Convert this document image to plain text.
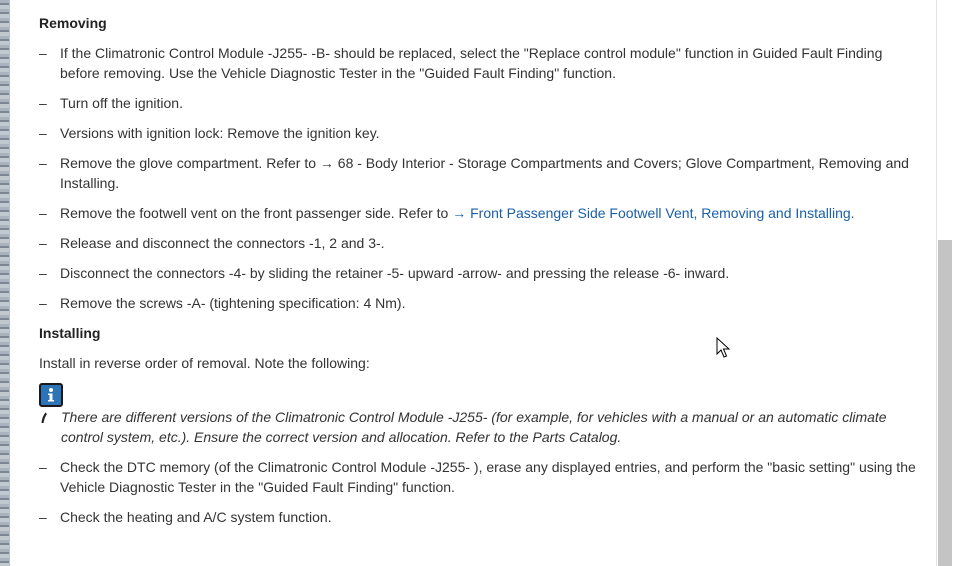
Removing
– If the Climatronic Control Module -J255- -B- should be replaced, select the "Replace control module" function in Guided Fault Finding
before removing. Use the Vehicle Diagnostic Tester in the "Guided Fault Finding" function.
– Turn off the ignition.
– Versions with ignition lock: Remove the ignition key.
– Remove the glove compartment. Refer to → 68 - Body Interior - Storage Compartments and Covers; Glove Compartment, Removing and
Installing.
– Remove the footwell vent on the front passenger side. Refer to → Front Passenger Side Footwell Vent, Removing and Installing.
– Release and disconnect the connectors -1, 2 and 3-.
– Disconnect the connectors -4- by sliding the retainer -5- upward -arrow- and pressing the release -6- inward.
– Remove the screws -A- (tightening specification: 4 Nm).
Installing
Install in reverse order of removal. Note the following:
There are different versions of the Climatronic Control Module -J255- (for example, for vehicles with a manual or an automatic climate
control system, etc.). Ensure the correct version and allocation. Refer to the Parts Catalog.
– Check the DTC memory (of the Climatronic Control Module -J255- ), erase any displayed entries, and perform the "basic setting" using the
Vehicle Diagnostic Tester in the "Guided Fault Finding" function.
– Check the heating and A/C system function.
